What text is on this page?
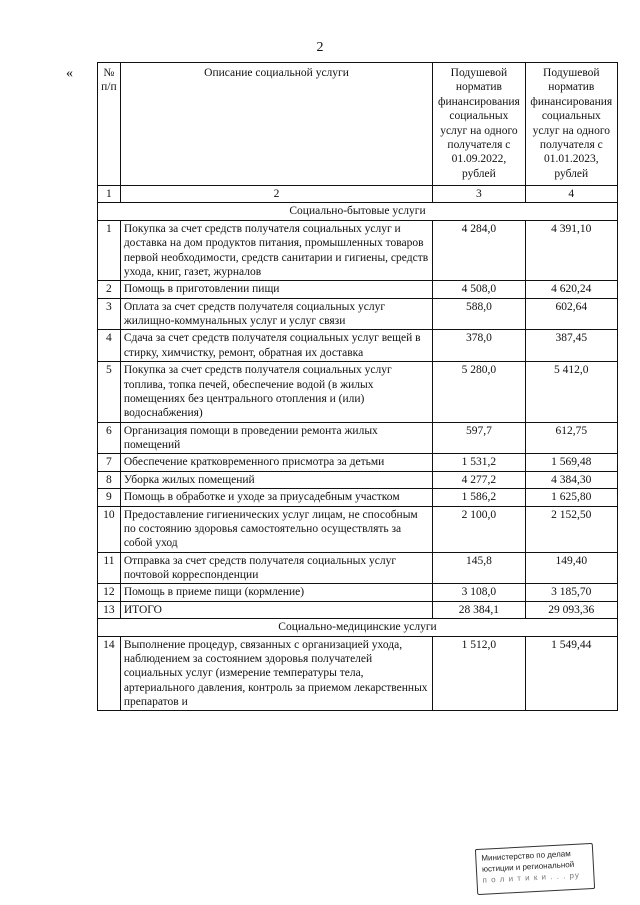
2
«	№ п/п	Описание социальной услуги	Подушевой норматив финансирования социальных услуг на одного получателя с 01.09.2022, рублей	Подушевой норматив финансирования социальных услуг на одного получателя с 01.01.2023, рублей
1	2	3	4
Социально-бытовые услуги			
1	Покупка за счет средств получателя социальных услуг и доставка на дом продуктов питания, промышленных товаров первой необходимости, средств санитарии и гигиены, средств ухода, книг, газет, журналов	4 284,0	4 391,10
2	Помощь в приготовлении пищи	4 508,0	4 620,24
3	Оплата за счет средств получателя социальных услуг жилищно-коммунальных услуг и услуг связи	588,0	602,64
4	Сдача за счет средств получателя социальных услуг вещей в стирку, химчистку, ремонт, обратная их доставка	378,0	387,45
5	Покупка за счет средств получателя социальных услуг топлива, топка печей, обеспечение водой (в жилых помещениях без центрального отопления и (или) водоснабжения)	5 280,0	5 412,0
6	Организация помощи в проведении ремонта жилых помещений	597,7	612,75
7	Обеспечение кратковременного присмотра за детьми	1 531,2	1 569,48
8	Уборка жилых помещений	4 277,2	4 384,30
9	Помощь в обработке и уходе за приусадебным участком	1 586,2	1 625,80
10	Предоставление гигиенических услуг лицам, не способным по состоянию здоровья самостоятельно осуществлять за собой уход	2 100,0	2 152,50
11	Отправка за счет средств получателя социальных услуг почтовой корреспонденции	145,8	149,40
12	Помощь в приеме пищи (кормление)	3 108,0	3 185,70
13	ИТОГО	28 384,1	29 093,36
Социально-медицинские услуги			
14	Выполнение процедур, связанных с организацией ухода, наблюдением за состоянием здоровья получателей социальных услуг (измерение температуры тела, артериального давления, контроль за приемом лекарственных препаратов и	1 512,0	1 549,44
Министерство по делам
юстиции и региональной
п о л и т и к и . . . ру
